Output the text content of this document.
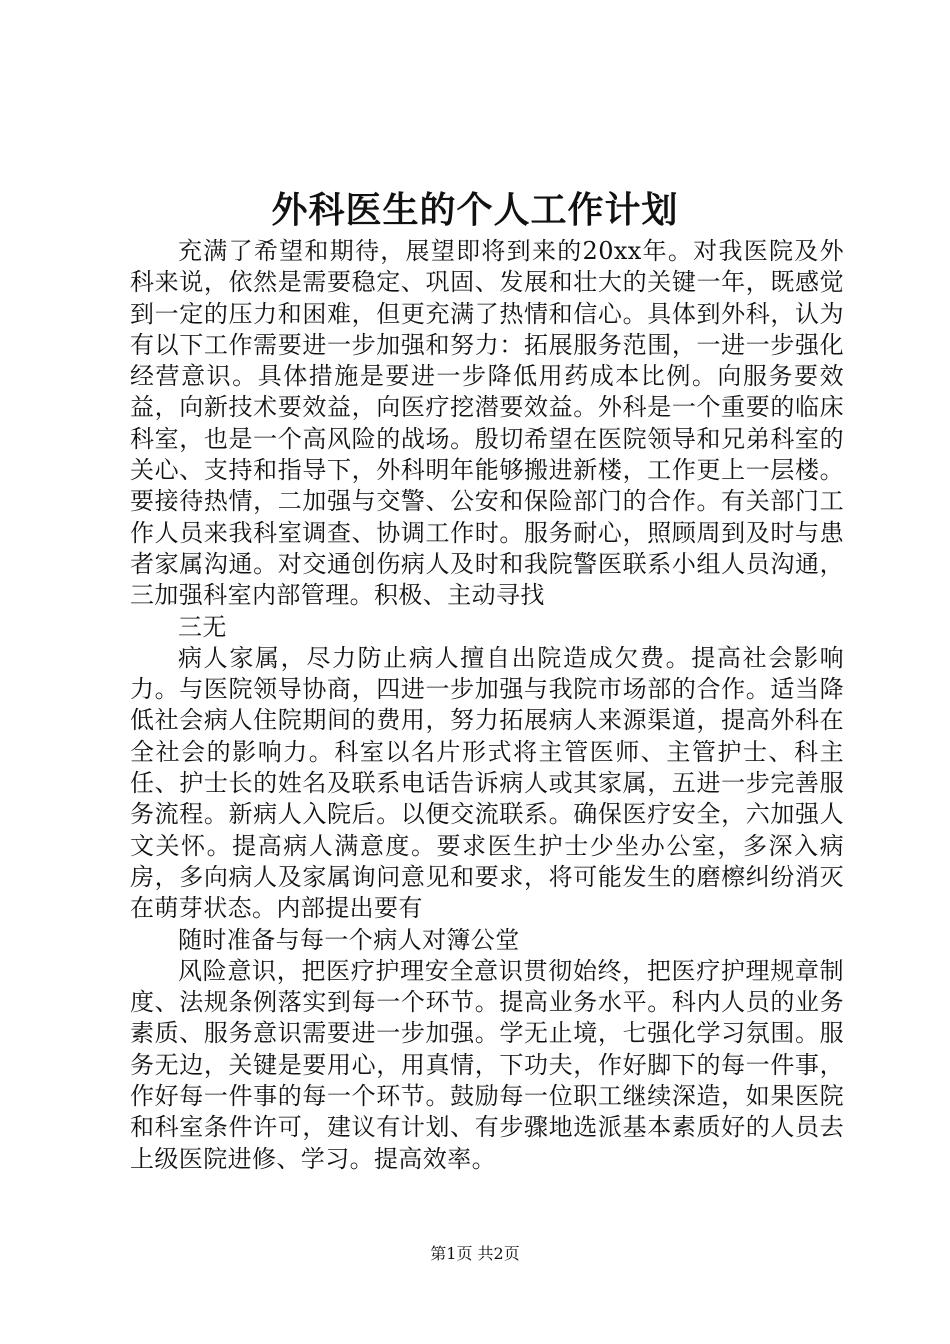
外科医生的个人工作计划

充满了希望和期待，展望即将到来的20xx年。对我医院及外科来说，依然是需要稳定、巩固、发展和壮大的关键一年，既感觉到一定的压力和困难，但更充满了热情和信心。具体到外科，认为有以下工作需要进一步加强和努力：拓展服务范围，一进一步强化经营意识。具体措施是要进一步降低用药成本比例。向服务要效益，向新技术要效益，向医疗挖潜要效益。外科是一个重要的临床科室，也是一个高风险的战场。殷切希望在医院领导和兄弟科室的关心、支持和指导下，外科明年能够搬进新楼，工作更上一层楼。要接待热情，二加强与交警、公安和保险部门的合作。有关部门工作人员来我科室调查、协调工作时。服务耐心，照顾周到及时与患者家属沟通。对交通创伤病人及时和我院警医联系小组人员沟通，三加强科室内部管理。积极、主动寻找

三无

病人家属，尽力防止病人擅自出院造成欠费。提高社会影响力。与医院领导协商，四进一步加强与我院市场部的合作。适当降低社会病人住院期间的费用，努力拓展病人来源渠道，提高外科在全社会的影响力。科室以名片形式将主管医师、主管护士、科主任、护士长的姓名及联系电话告诉病人或其家属，五进一步完善服务流程。新病人入院后。以便交流联系。确保医疗安全，六加强人文关怀。提高病人满意度。要求医生护士少坐办公室，多深入病房，多向病人及家属询问意见和要求，将可能发生的磨檫纠纷消灭在萌芽状态。内部提出要有

随时准备与每一个病人对簿公堂

风险意识，把医疗护理安全意识贯彻始终，把医疗护理规章制度、法规条例落实到每一个环节。提高业务水平。科内人员的业务素质、服务意识需要进一步加强。学无止境，七强化学习氛围。服务无边，关键是要用心，用真情，下功夫，作好脚下的每一件事，作好每一件事的每一个环节。鼓励每一位职工继续深造，如果医院和科室条件许可，建议有计划、有步骤地选派基本素质好的人员去上级医院进修、学习。提高效率。

第1页 共2页
